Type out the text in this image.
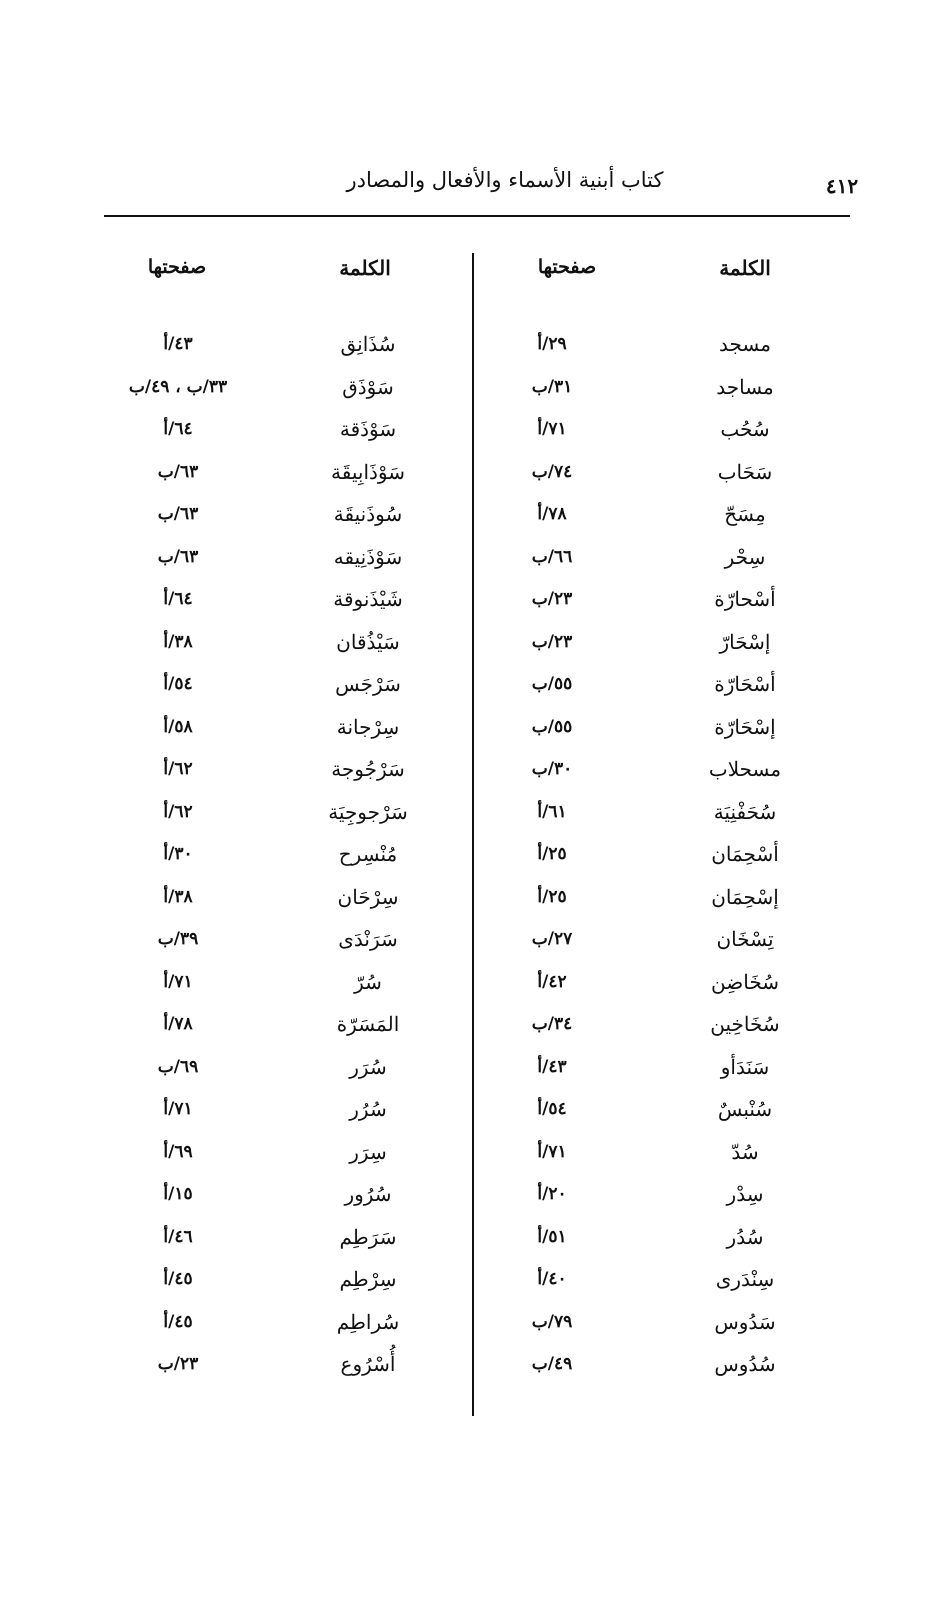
كتاب أبنية الأسماء والأفعال والمصادر	٤١٢
الكلمة
صفحتها
الكلمة
صفحتها
مسجد
٢٩/أ
سُذَانِق
٤٣/أ
مساجد
٣١/ب
سَوْذَق
٣٣/ب ، ٤٩/ب
سُحُب
٧١/أ
سَوْذَقة
٦٤/أ
سَحَاب
٧٤/ب
سَوْذَابِيقَة
٦٣/ب
مِسَحّ
٧٨/أ
سُوذَنيقَة
٦٣/ب
سِحْر
٦٦/ب
سَوْذَنِيقه
٦٣/ب
أسْحارّة
٢٣/ب
شَيْذَنوقة
٦٤/أ
إسْحَارّ
٢٣/ب
سَيْذُقان
٣٨/أ
أسْحَارّة
٥٥/ب
سَرْجَس
٥٤/أ
إسْحَارّة
٥٥/ب
سِرْجانة
٥٨/أ
مسحلاب
٣٠/ب
سَرْجُوجة
٦٢/أ
سُحَفْنِيَة
٦١/أ
سَرْجوجِيَة
٦٢/أ
أسْحِمَان
٢٥/أ
مُنْسِرح
٣٠/أ
إسْحِمَان
٢٥/أ
سِرْحَان
٣٨/أ
تِسْخَان
٢٧/ب
سَرَنْدَى
٣٩/ب
سُخَاضِن
٤٢/أ
سُرّ
٧١/أ
سُخَاخِين
٣٤/ب
المَسَرّة
٧٨/أ
سَنَدَأو
٤٣/أ
سُرَر
٦٩/ب
سُنْبسٌ
٥٤/أ
سُرُر
٧١/أ
سُدّ
٧١/أ
سِرَر
٦٩/أ
سِدْر
٢٠/أ
سُرُور
١٥/أ
سُدُر
٥١/أ
سَرَطِم
٤٦/أ
سِنْدَرى
٤٠/أ
سِرْطِم
٤٥/أ
سَدُوس
٧٩/ب
سُراطِم
٤٥/أ
سُدُوس
٤٩/ب
أُسْرُوع
٢٣/ب
